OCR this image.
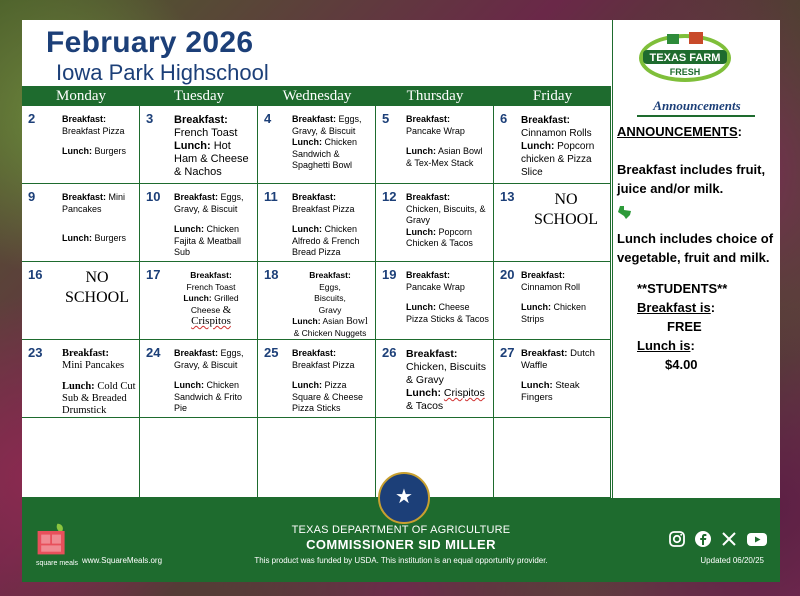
February 2026
Iowa Park Highschool
Monday	Tuesday	Wednesday	Thursday	Friday
2	Breakfast:
Breakfast Pizza
Lunch: Burgers
3 Breakfast:
French Toast
Lunch: Hot Ham & Cheese & Nachos
4 Breakfast: Eggs, Gravy, & Biscuit
Lunch: Chicken Sandwich & Spaghetti Bowl
5 Breakfast:
Pancake Wrap
Lunch: Asian Bowl & Tex-Mex Stack
6 Breakfast:
Cinnamon Rolls
Lunch: Popcorn chicken & Pizza Slice
9	Breakfast: Mini Pancakes
Lunch: Burgers
10 Breakfast: Eggs, Gravy, & Biscuit
Lunch: Chicken Fajita & Meatball Sub
11 Breakfast:
Breakfast Pizza
Lunch: Chicken Alfredo & French Bread Pizza
12 Breakfast:
Chicken, Biscuits, & Gravy
Lunch: Popcorn Chicken & Tacos
13	NO SCHOOL
16	NO SCHOOL
17	Breakfast:
French Toast
Lunch: Grilled Cheese &
Crispitos
18	Breakfast:
Eggs, Biscuits, Gravy
Lunch: Asian Bowl
& Chicken Nuggets
19 Breakfast:
Pancake Wrap
Lunch: Cheese Pizza Sticks & Tacos
20 Breakfast:
Cinnamon Roll
Lunch: Chicken Strips
23 Breakfast:
Mini Pancakes
Lunch: Cold Cut Sub & Breaded Drumstick
24 Breakfast: Eggs, Gravy, & Biscuit
Lunch: Chicken Sandwich & Frito Pie
25 Breakfast:
Breakfast Pizza
Lunch: Pizza Square & Cheese Pizza Sticks
26 Breakfast:
Chicken, Biscuits & Gravy
Lunch: Crispitos
& Tacos
27 Breakfast: Dutch Waffle
Lunch: Steak Fingers
TEXAS FARM
FRESH
Announcements

ANNOUNCEMENTS:

Breakfast includes fruit, juice and/or milk.

Lunch includes choice of vegetable, fruit and milk.

**STUDENTS**

Breakfast is:

FREE

Lunch is:

$4.00

★
square meals www.SquareMeals.org
TEXAS DEPARTMENT OF AGRICULTURE
COMMISSIONER SID MILLER
This product was funded by USDA. This institution is an equal opportunity provider.	Updated 06/20/25
